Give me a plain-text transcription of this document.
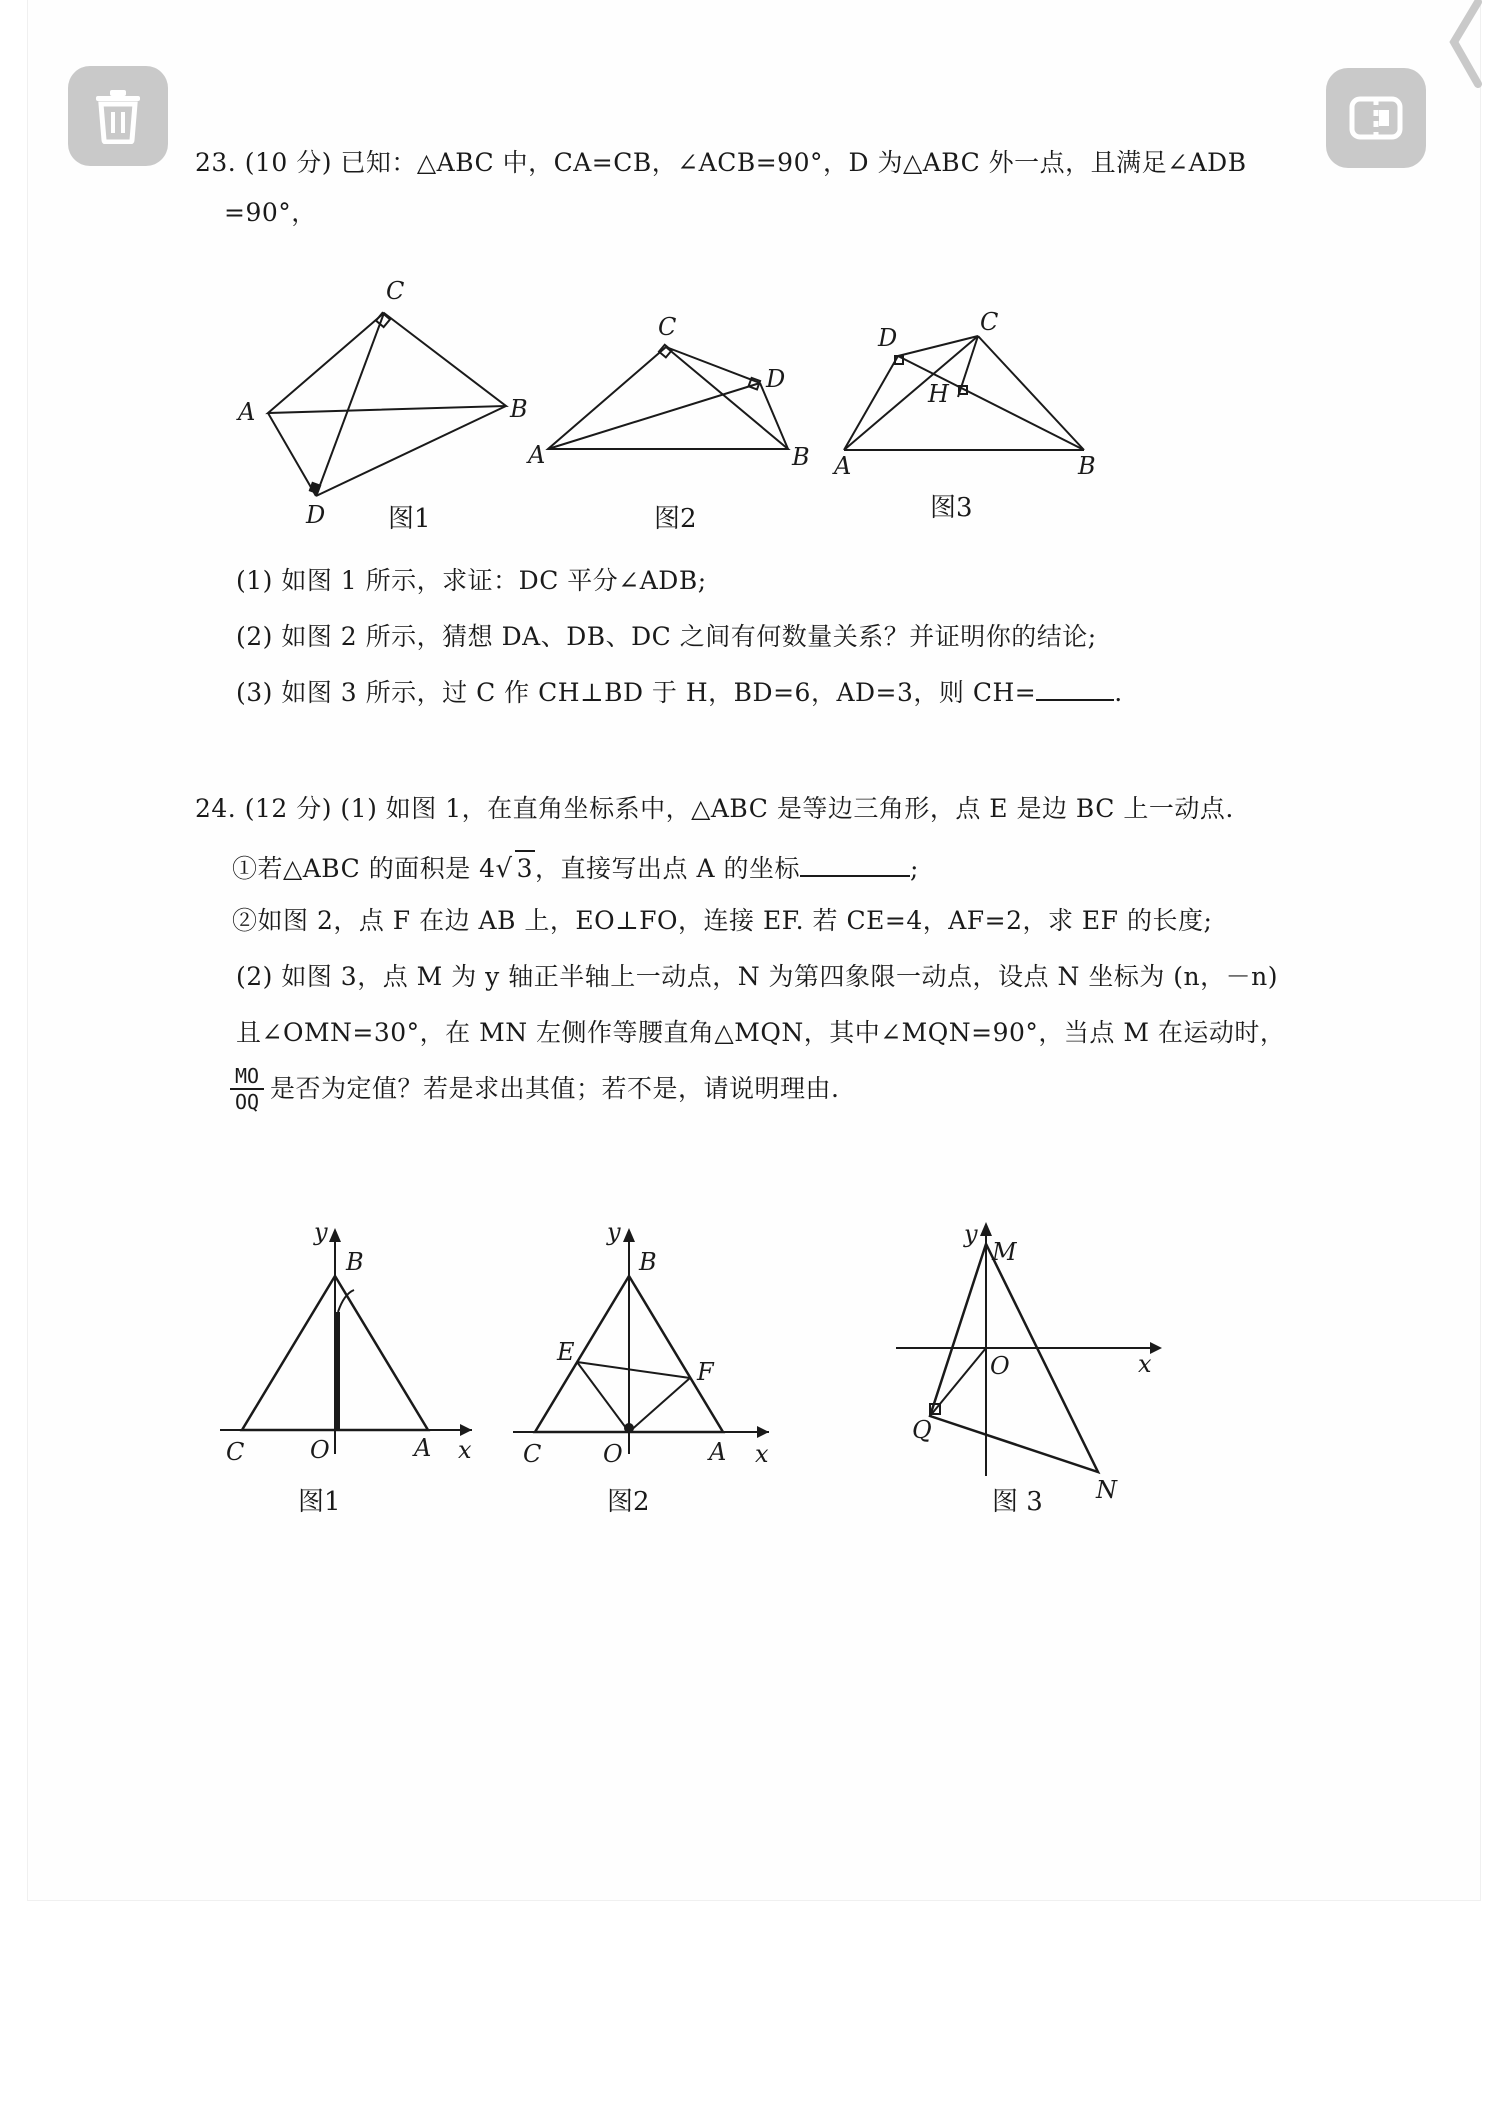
23. (10 分) 已知：△ABC 中，CA=CB，∠ACB=90°，D 为△ABC 外一点，且满足∠ADB
=90°，
C
A	B
D 图1
C
D
A	B
图2
D
C
H
A	B
图3
(1) 如图 1 所示，求证：DC 平分∠ADB;
(2) 如图 2 所示，猜想 DA、DB、DC 之间有何数量关系？并证明你的结论;
(3) 如图 3 所示，过 C 作 CH⊥BD 于 H，BD=6，AD=3，则 CH=	.
24. (12 分) (1) 如图 1，在直角坐标系中，△ABC 是等边三角形，点 E 是边 BC 上一动点.
①若△ABC 的面积是 4√ 3，直接写出点 A 的坐标	;
②如图 2，点 F 在边 AB 上，EO⊥FO，连接 EF. 若 CE=4，AF=2，求 EF 的长度;
(2) 如图 3，点 M 为 y 轴正半轴上一动点，N 为第四象限一动点，设点 N 坐标为 (n，－n)
且∠OMN=30°，在 MN 左侧作等腰直角△MQN，其中∠MQN=90°，当点 M 在运动时，
$\frac{MO}{OQ}$ 是否为定值？若是求出其值；若不是，请说明理由.
y
B
C	O	A x
图1
y
B
E
F
C	O	A x
图2
y
M
O	x
Q
N
图 3
